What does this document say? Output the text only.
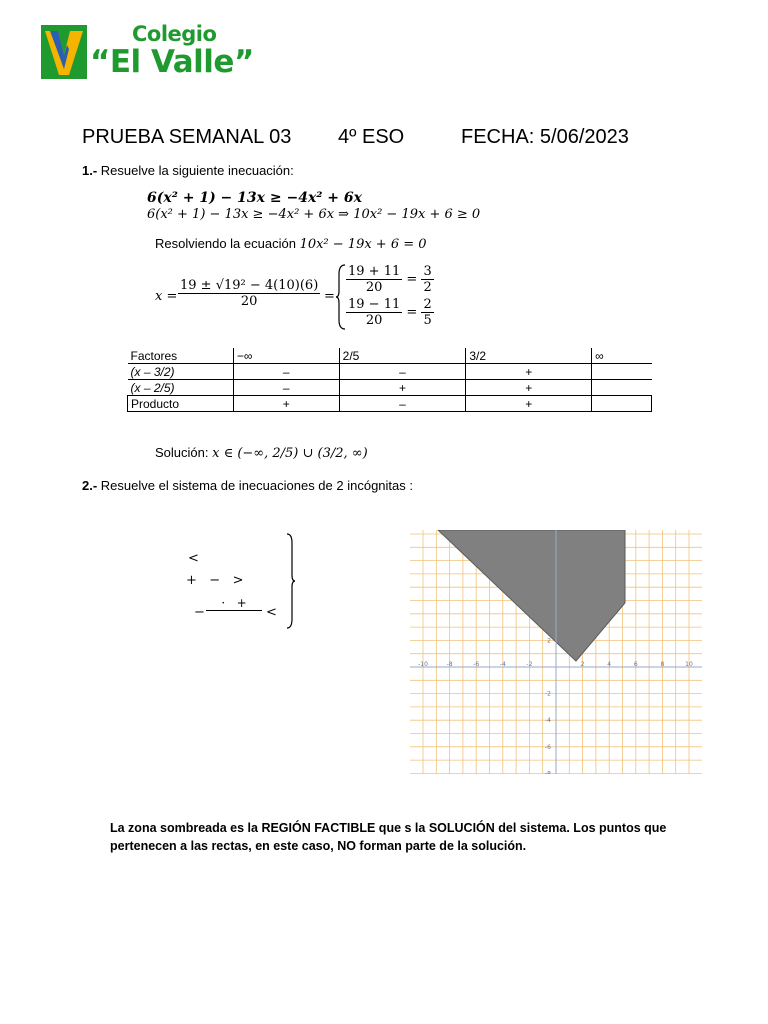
Colegio
“El Valle”
PRUEBA SEMANAL 03 4º ESO	FECHA: 5/06/2023
1.- Resuelve la siguiente inecuación:
6(x² + 1) − 13x ≥ −4x² + 6x
6(x² + 1) − 13x ≥ −4x² + 6x ⇒ 10x² − 19x + 6 ≥ 0
Resolviendo la ecuación 10x² − 19x + 6 = 0
$x = \frac{\text{19 ± √19² − 4(10)(6)}}{20}$ =
$\frac{19 + 11}{20} = \frac{3}{2}$
$\frac{19 - 11}{20} = \frac{2}{5}$
Factores	−∞	2/5	3/2	∞
(x – 3/2)	–	–	+	
(x – 2/5)	–	+	+	
Producto	+	–	+	
Solución: x ∈ (−∞, 2/5) ∪ (3/2, ∞)
2.- Resuelve el sistema de inecuaciones de 2 incógnitas :
<
+   −   >
−
·   +
<
-10	-8	-6	-4	-2	2	4	6	8	10
2
-2
-4
-6
-8
La zona sombreada es la REGIÓN FACTIBLE que s la SOLUCIÓN del sistema. Los puntos que pertenecen a las rectas, en este caso, NO forman parte de la solución.
